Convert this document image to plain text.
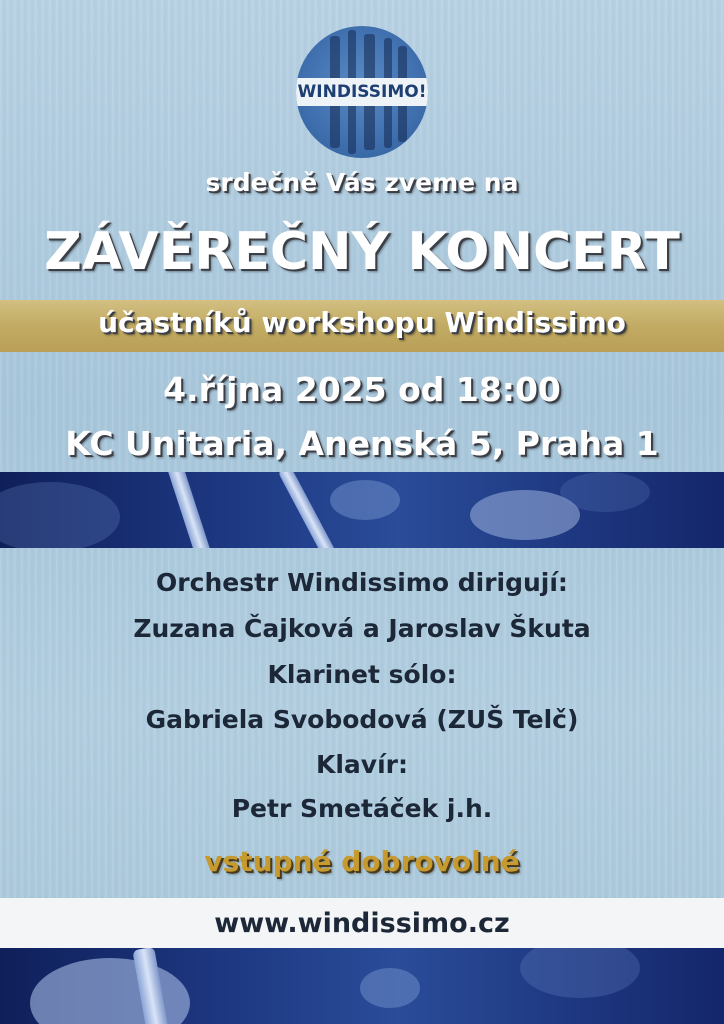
WINDISSIMO!
srdečně Vás zveme na
ZÁVĚREČNÝ KONCERT
účastníků workshopu Windissimo
4.října 2025 od 18:00
KC Unitaria, Anenská 5, Praha 1
Orchestr Windissimo dirigují:
Zuzana Čajková a Jaroslav Škuta
Klarinet sólo:
Gabriela Svobodová (ZUŠ Telč)
Klavír:
Petr Smetáček j.h.
vstupné dobrovolné
www.windissimo.cz
